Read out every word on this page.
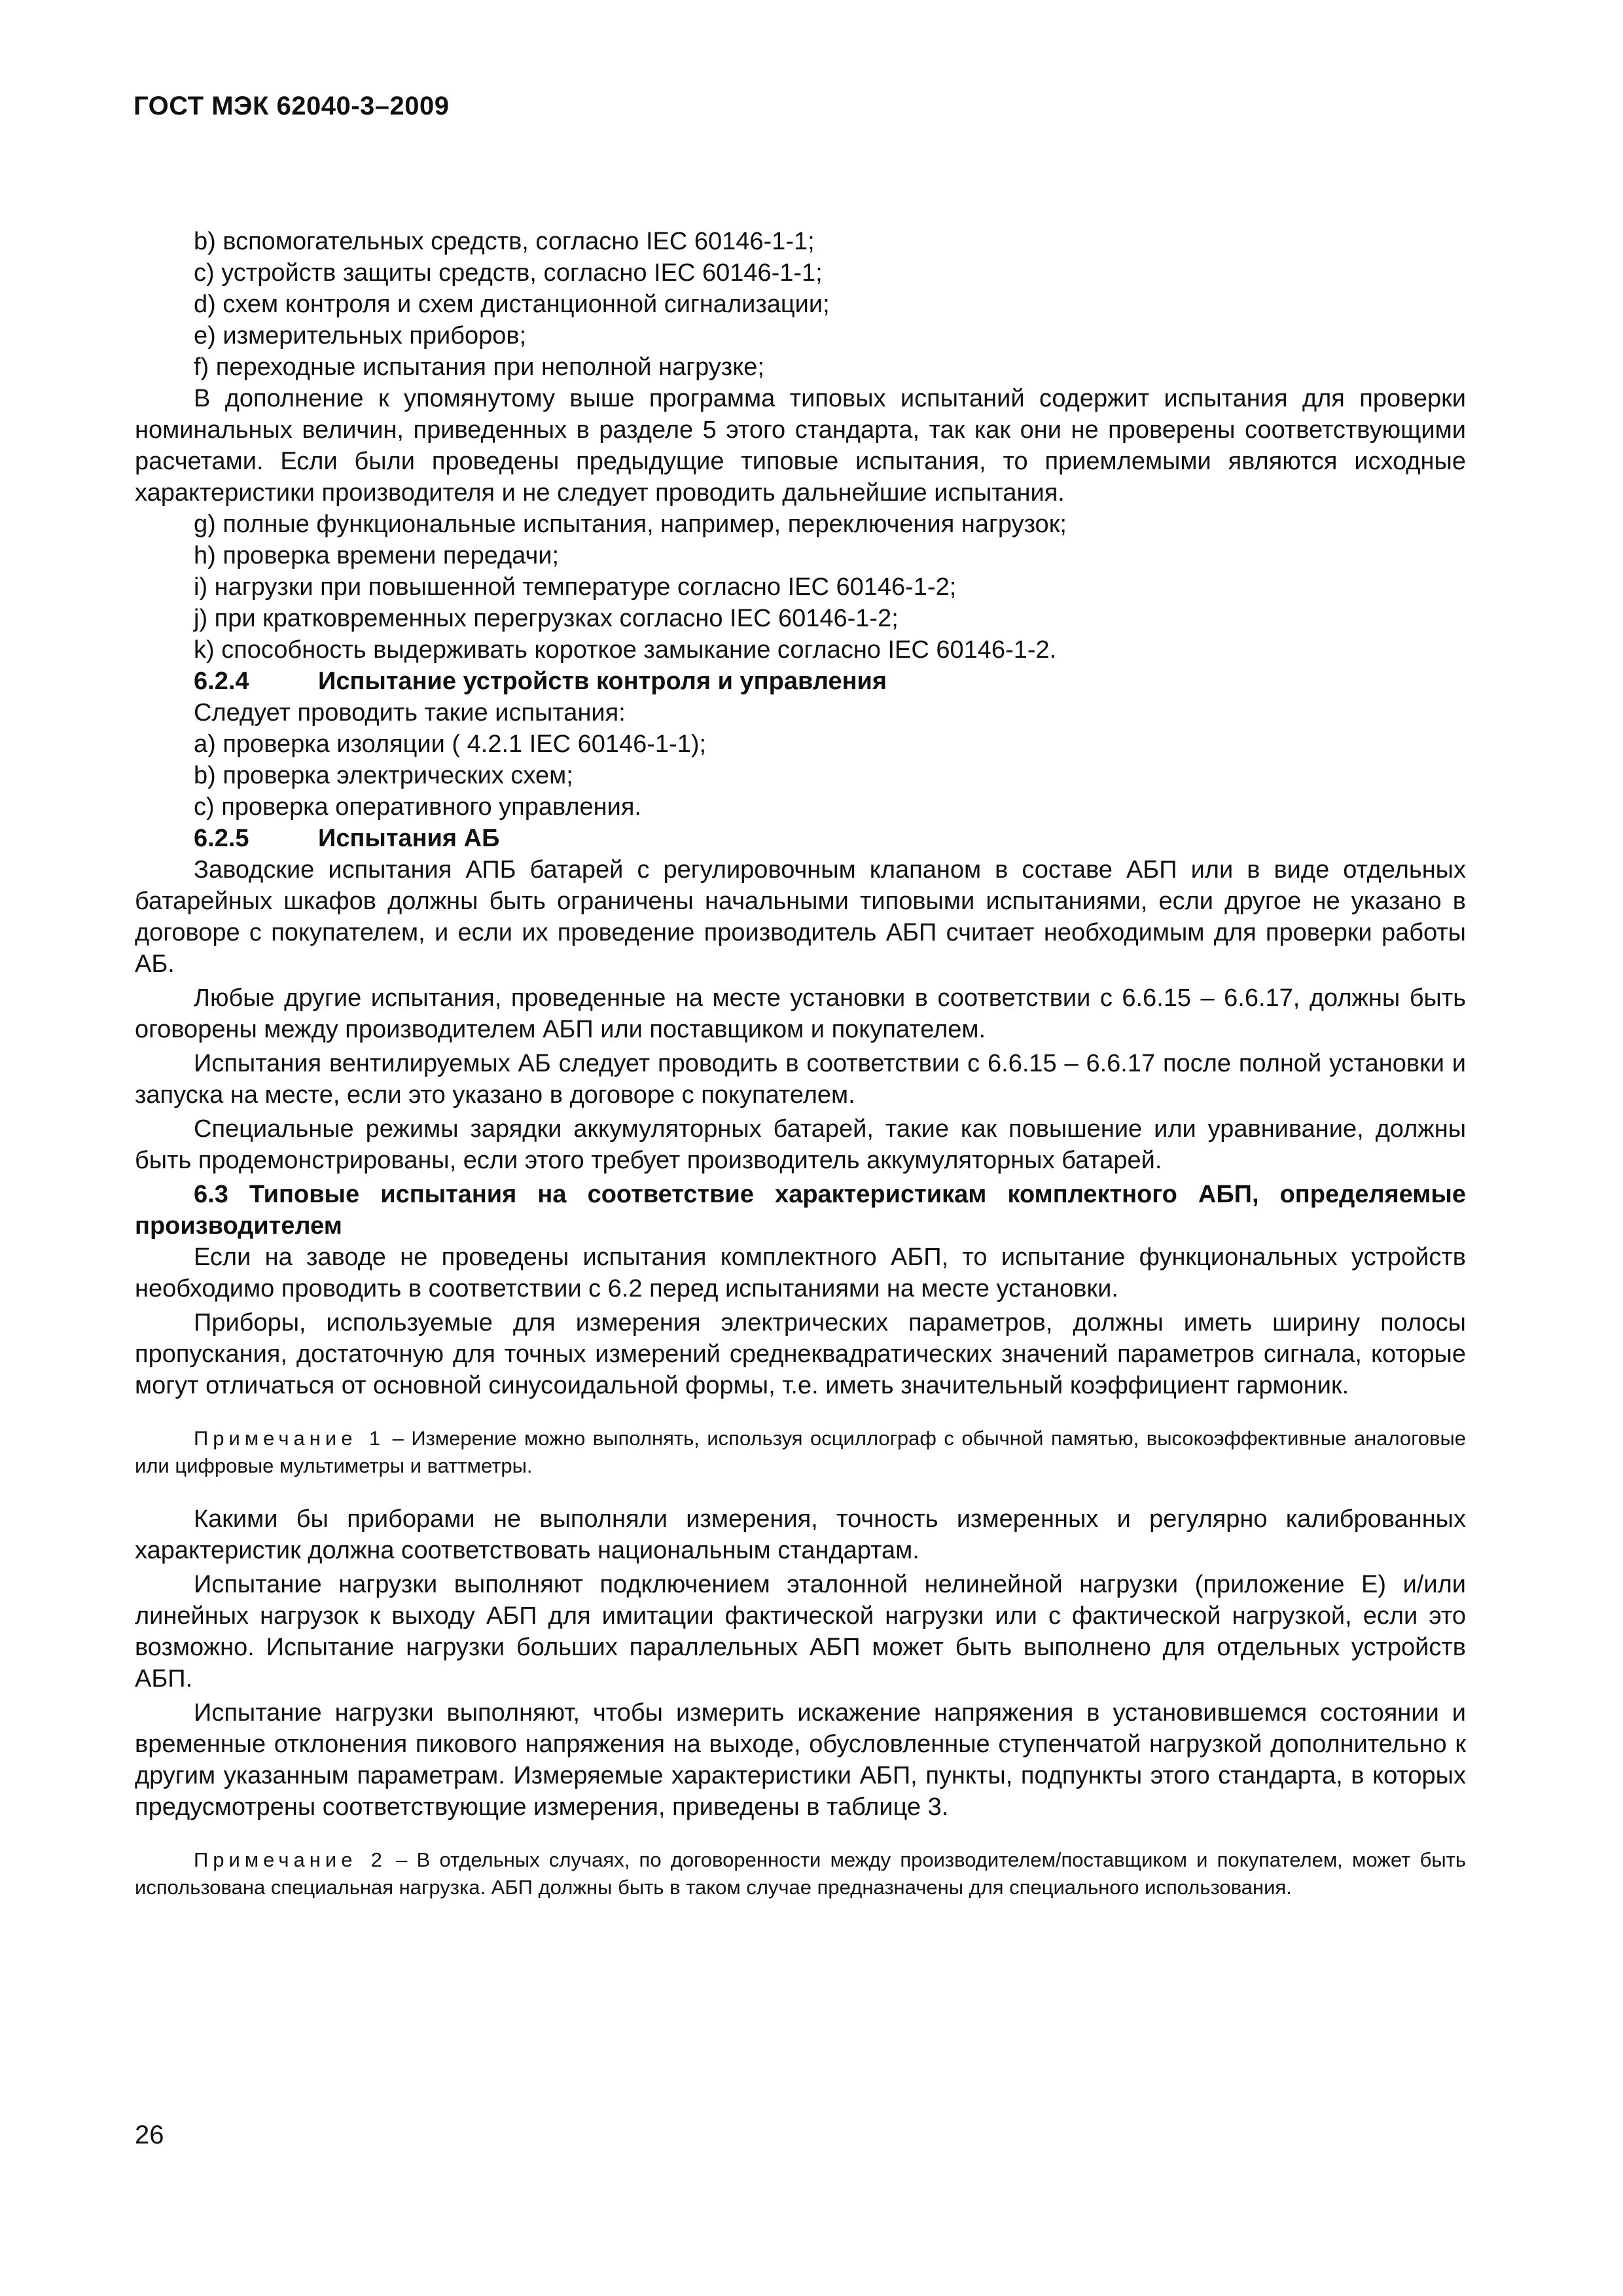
ГОСТ МЭК 62040-3–2009

b) вспомогательных средств, согласно IEC 60146-1-1;

c) устройств защиты средств, согласно IEC 60146-1-1;

d) схем контроля и схем дистанционной сигнализации;

e) измерительных приборов;

f) переходные испытания при неполной нагрузке;

В дополнение к упомянутому выше программа типовых испытаний содержит испытания для проверки номинальных величин, приведенных в разделе 5 этого стандарта, так как они не проверены соответствующими расчетами. Если были проведены предыдущие типовые испытания, то приемлемыми являются исходные характеристики производителя и не следует проводить дальнейшие испытания.

g) полные функциональные испытания, например, переключения нагрузок;

h) проверка времени передачи;

i) нагрузки при повышенной температуре согласно IEC 60146-1-2;

j) при кратковременных перегрузках согласно IEC 60146-1-2;

k) способность выдерживать короткое замыкание согласно IEC 60146-1-2.

6.2.4	Испытание устройств контроля и управления

Следует проводить такие испытания:

a) проверка изоляции ( 4.2.1 IEC 60146-1-1);

b) проверка электрических схем;

c) проверка оперативного управления.

6.2.5	Испытания АБ

Заводские испытания АПБ батарей с регулировочным клапаном в составе АБП или в виде отдельных батарейных шкафов должны быть ограничены начальными типовыми испытаниями, если другое не указано в договоре с покупателем, и если их проведение производитель АБП считает необходимым для проверки работы АБ.

Любые другие испытания, проведенные на месте установки в соответствии с 6.6.15 – 6.6.17, должны быть оговорены между производителем АБП или поставщиком и покупателем.

Испытания вентилируемых АБ следует проводить в соответствии с 6.6.15 – 6.6.17 после полной установки и запуска на месте, если это указано в договоре с покупателем.

Специальные режимы зарядки аккумуляторных батарей, такие как повышение или уравнивание, должны быть продемонстрированы, если этого требует производитель аккумуляторных батарей.

6.3 Типовые испытания на соответствие характеристикам комплектного АБП, определяемые производителем

Если на заводе не проведены испытания комплектного АБП, то испытание функциональных устройств необходимо проводить в соответствии с 6.2 перед испытаниями на месте установки.

Приборы, используемые для измерения электрических параметров, должны иметь ширину полосы пропускания, достаточную для точных измерений среднеквадратических значений параметров сигнала, которые могут отличаться от основной синусоидальной формы, т.е. иметь значительный коэффициент гармоник.

Примечание 1 – Измерение можно выполнять, используя осциллограф с обычной памятью, высокоэффективные аналоговые или цифровые мультиметры и ваттметры.

Какими бы приборами не выполняли измерения, точность измеренных и регулярно калиброванных характеристик должна соответствовать национальным стандартам.

Испытание нагрузки выполняют подключением эталонной нелинейной нагрузки (приложение Е) и/или линейных нагрузок к выходу АБП для имитации фактической нагрузки или с фактической нагрузкой, если это возможно. Испытание нагрузки больших параллельных АБП может быть выполнено для отдельных устройств АБП.

Испытание нагрузки выполняют, чтобы измерить искажение напряжения в установившемся состоянии и временные отклонения пикового напряжения на выходе, обусловленные ступенчатой нагрузкой дополнительно к другим указанным параметрам. Измеряемые характеристики АБП, пункты, подпункты этого стандарта, в которых предусмотрены соответствующие измерения, приведены в таблице 3.

Примечание 2 – В отдельных случаях, по договоренности между производителем/поставщиком и покупателем, может быть использована специальная нагрузка. АБП должны быть в таком случае предназначены для специального использования.

26
